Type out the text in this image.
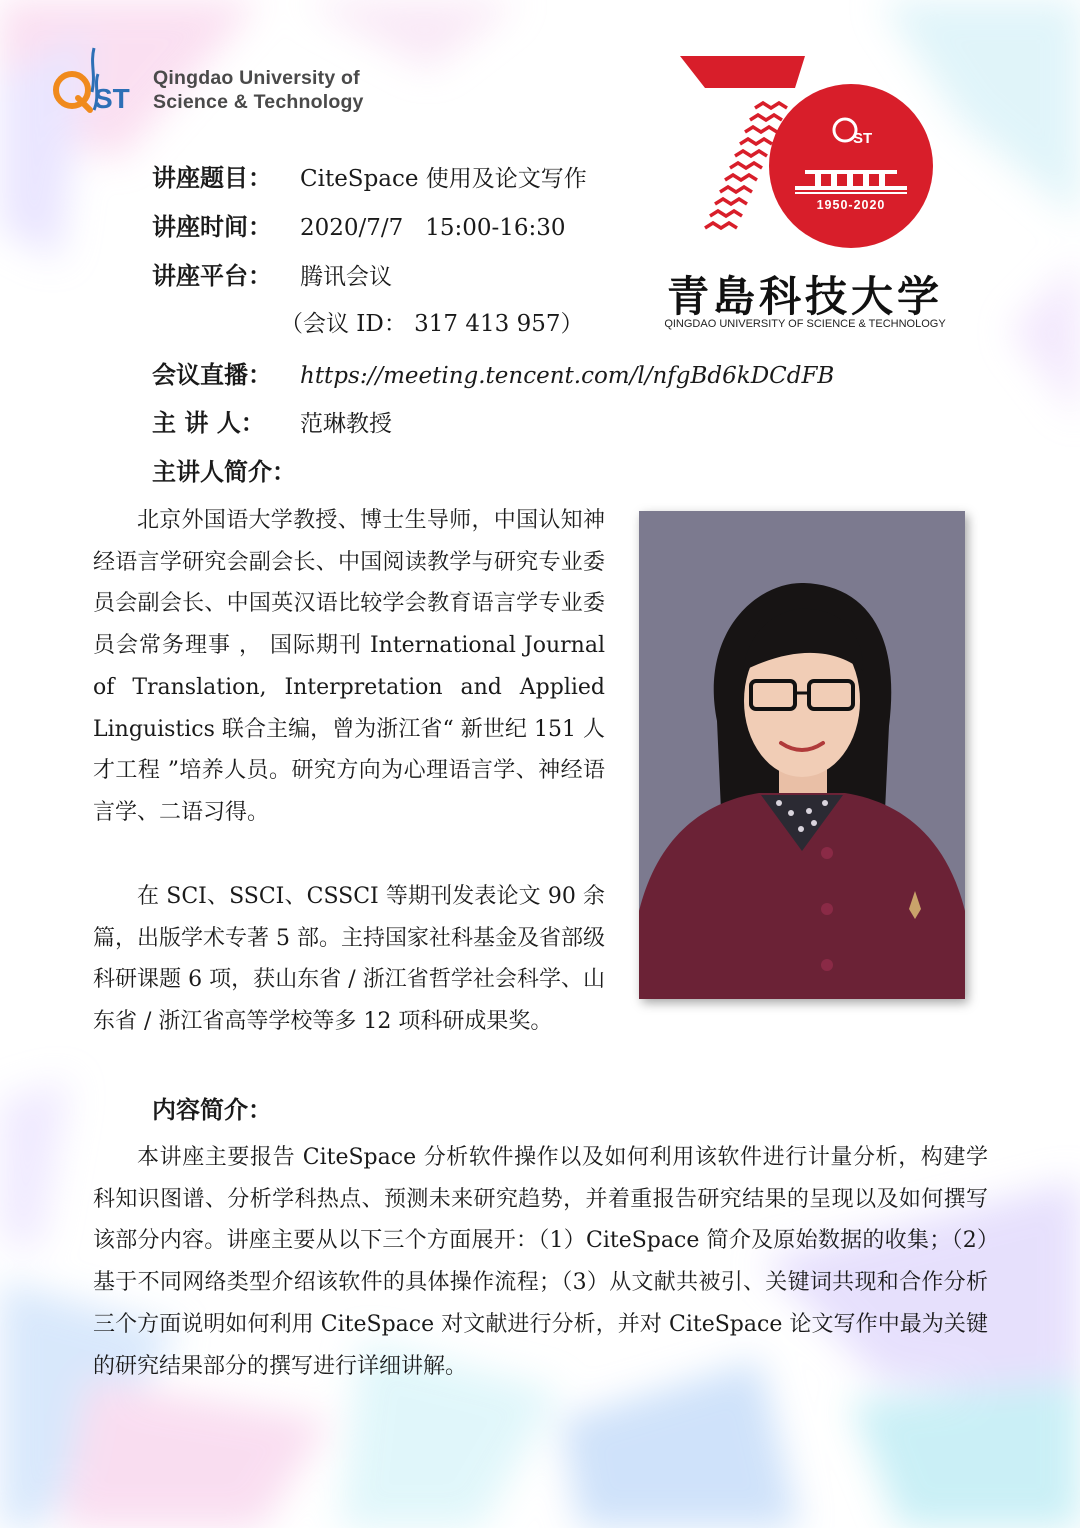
ST
Qingdao University of
Science & Technology
ST
1950-2020
青島科技大学
QINGDAO UNIVERSITY OF SCIENCE & TECHNOLOGY
讲座题目： CiteSpace 使用及论文写作
讲座时间： 2020/7/7   15:00-16:30
讲座平台： 腾讯会议
（会议 ID： 317 413 957）
会议直播： https://meeting.tencent.com/l/nfgBd6kDCdFB
主 讲 人： 范琳教授
主讲人简介：

北京外国语大学教授、博士生导师，中国认知神经语言学研究会副会长、中国阅读教学与研究专业委员会副会长、中国英汉语比较学会教育语言学专业委员会常务理事 ， 国际期刊 International Journal of Translation, Interpretation and Applied Linguistics 联合主编，曾为浙江省“ 新世纪 151 人才工程 ”培养人员。研究方向为心理语言学、神经语言学、二语习得。

在 SCI、SSCI、CSSCI 等期刊发表论文 90 余篇，出版学术专著 5 部。主持国家社科基金及省部级科研课题 6 项，获山东省 / 浙江省哲学社会科学、山东省 / 浙江省高等学校等多 12 项科研成果奖。

内容简介：

本讲座主要报告 CiteSpace 分析软件操作以及如何利用该软件进行计量分析，构建学科知识图谱、分析学科热点、预测未来研究趋势，并着重报告研究结果的呈现以及如何撰写该部分内容。讲座主要从以下三个方面展开：（1）CiteSpace 简介及原始数据的收集；（2）基于不同网络类型介绍该软件的具体操作流程；（3）从文献共被引、关键词共现和合作分析三个方面说明如何利用 CiteSpace 对文献进行分析，并对 CiteSpace 论文写作中最为关键的研究结果部分的撰写进行详细讲解。
